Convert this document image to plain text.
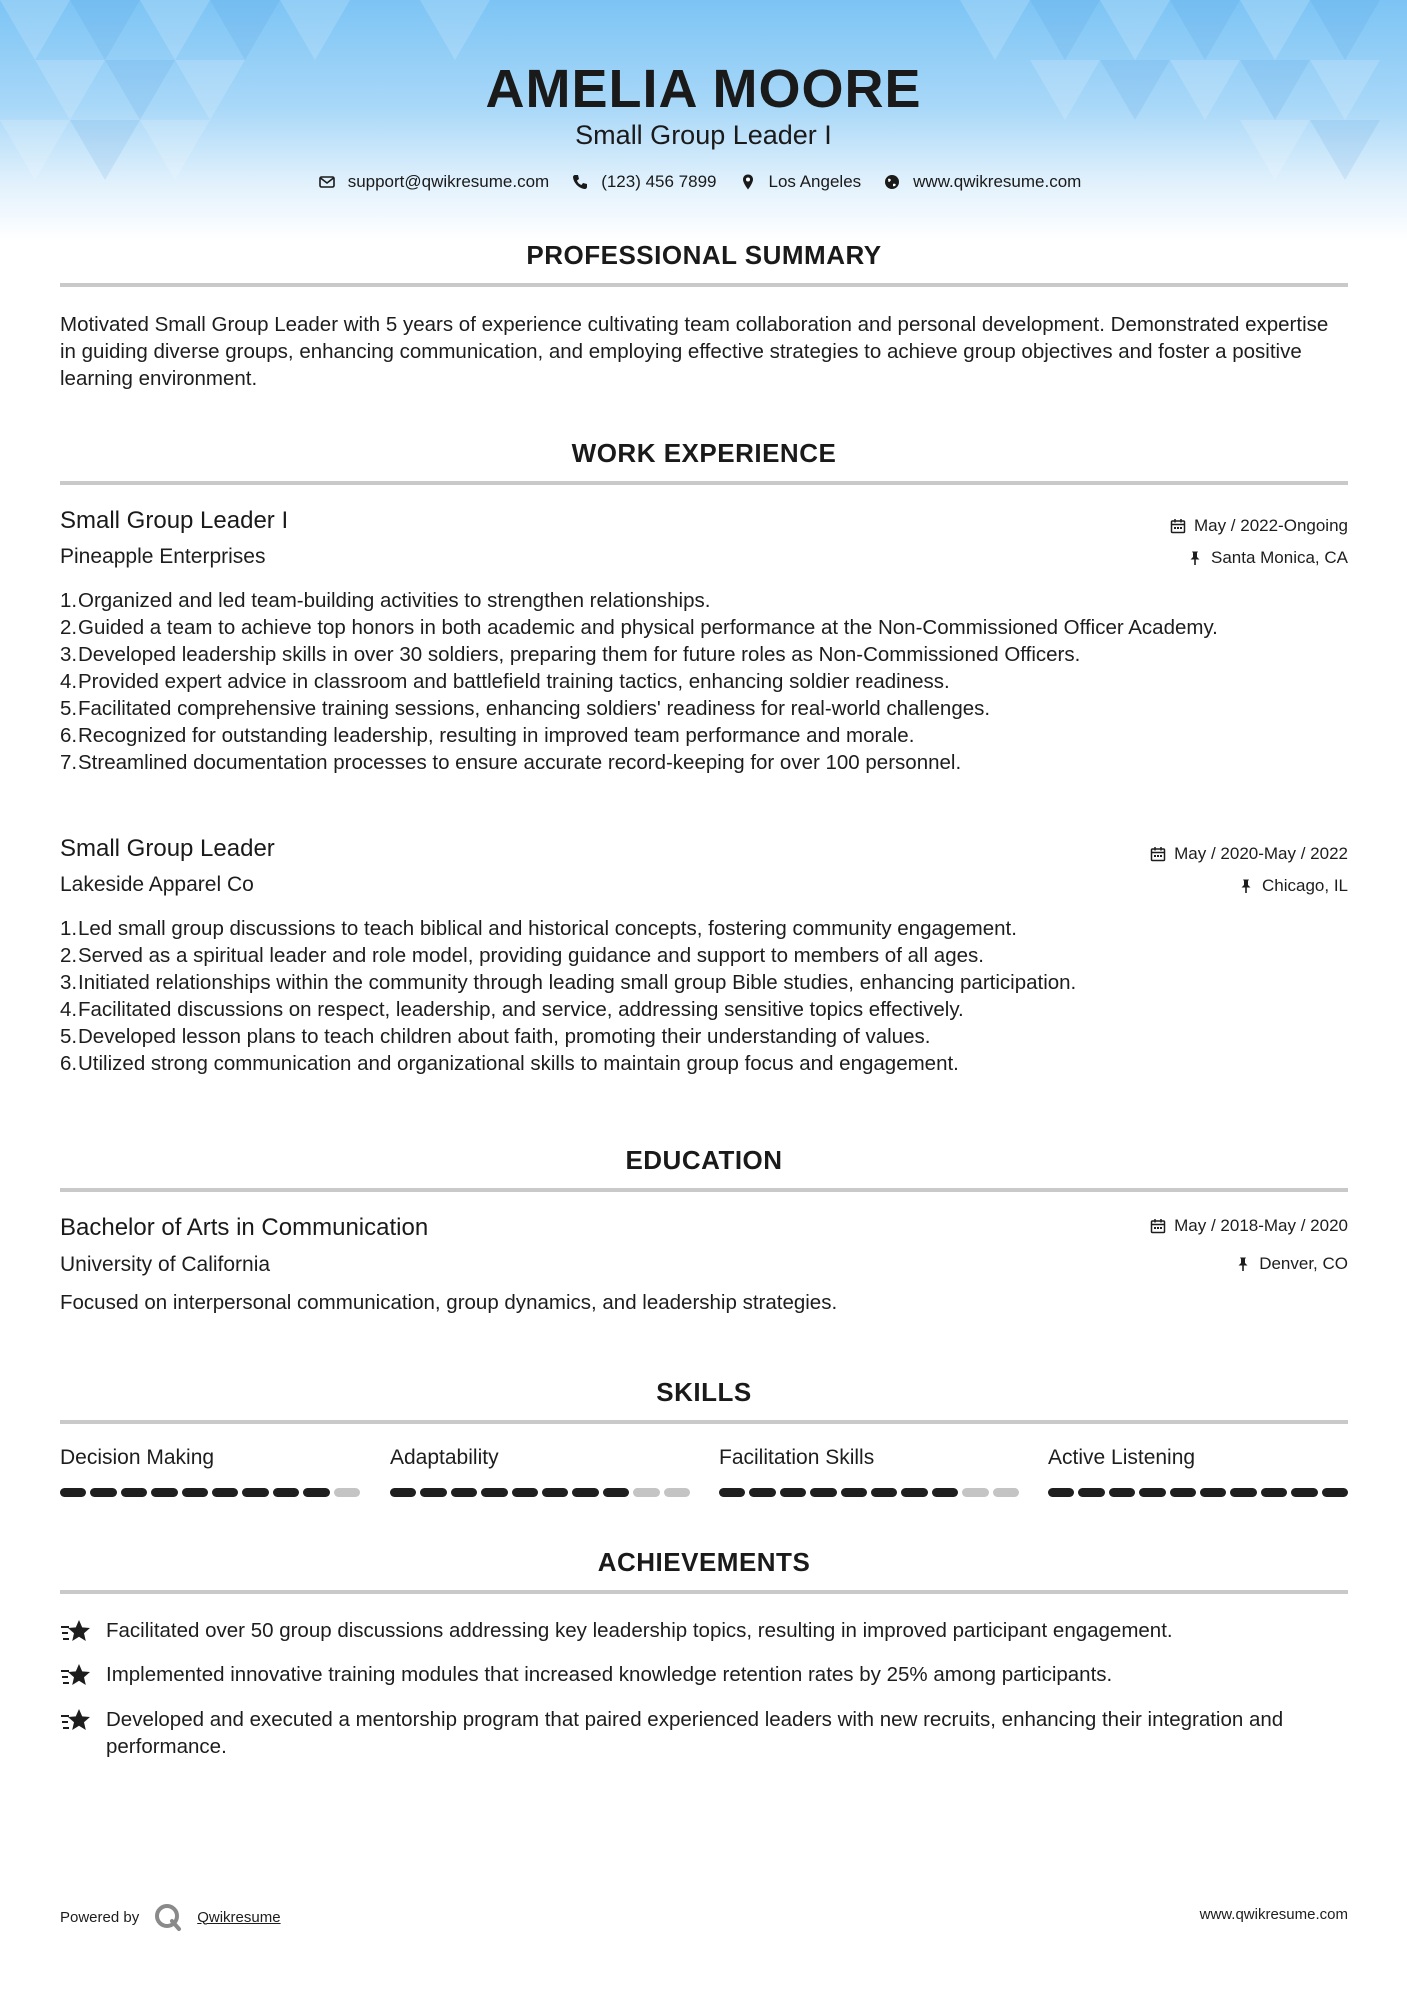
AMELIA MOORE
Small Group Leader I
support@qwikresume.com	(123) 456 7899	Los Angeles	www.qwikresume.com
PROFESSIONAL SUMMARY
Motivated Small Group Leader with 5 years of experience cultivating team collaboration and personal development. Demonstrated expertise in guiding diverse groups, enhancing communication, and employing effective strategies to achieve group objectives and foster a positive learning environment.
WORK EXPERIENCE
Small Group Leader I	May / 2022-Ongoing
Pineapple Enterprises	Santa Monica, CA
1. Organized and led team-building activities to strengthen relationships.
2. Guided a team to achieve top honors in both academic and physical performance at the Non-Commissioned Officer Academy.
3. Developed leadership skills in over 30 soldiers, preparing them for future roles as Non-Commissioned Officers.
4. Provided expert advice in classroom and battlefield training tactics, enhancing soldier readiness.
5. Facilitated comprehensive training sessions, enhancing soldiers' readiness for real-world challenges.
6. Recognized for outstanding leadership, resulting in improved team performance and morale.
7. Streamlined documentation processes to ensure accurate record-keeping for over 100 personnel.
Small Group Leader	May / 2020-May / 2022
Lakeside Apparel Co	Chicago, IL
1. Led small group discussions to teach biblical and historical concepts, fostering community engagement.
2. Served as a spiritual leader and role model, providing guidance and support to members of all ages.
3. Initiated relationships within the community through leading small group Bible studies, enhancing participation.
4. Facilitated discussions on respect, leadership, and service, addressing sensitive topics effectively.
5. Developed lesson plans to teach children about faith, promoting their understanding of values.
6. Utilized strong communication and organizational skills to maintain group focus and engagement.
EDUCATION
Bachelor of Arts in Communication	May / 2018-May / 2020
University of California	Denver, CO
Focused on interpersonal communication, group dynamics, and leadership strategies.
SKILLS
Decision Making	Adaptability	Facilitation Skills	Active Listening
ACHIEVEMENTS
Facilitated over 50 group discussions addressing key leadership topics, resulting in improved participant engagement.
Implemented innovative training modules that increased knowledge retention rates by 25% among participants.
Developed and executed a mentorship program that paired experienced leaders with new recruits, enhancing their integration and performance.
Powered by	Qwikresume	www.qwikresume.com
